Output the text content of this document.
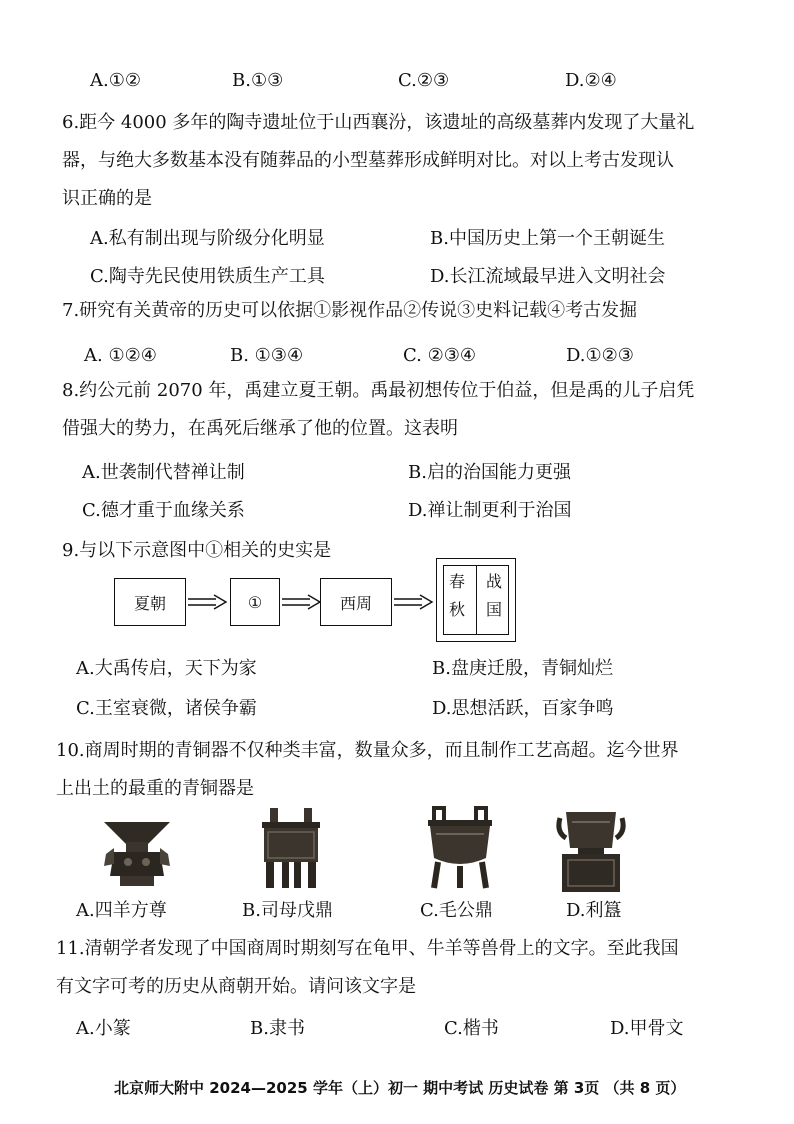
A.①②	B.①③	C.②③	D.②④
6.距今 4000 多年的陶寺遗址位于山西襄汾，该遗址的高级墓葬内发现了大量礼
器，与绝大多数基本没有随葬品的小型墓葬形成鲜明对比。对以上考古发现认
识正确的是
A.私有制出现与阶级分化明显	B.中国历史上第一个王朝诞生
C.陶寺先民使用铁质生产工具	D.长江流域最早进入文明社会
7.研究有关黄帝的历史可以依据①影视作品②传说③史料记载④考古发掘
A. ①②④	B. ①③④	C. ②③④	D.①②③
8.约公元前 2070 年，禹建立夏王朝。禹最初想传位于伯益，但是禹的儿子启凭
借强大的势力，在禹死后继承了他的位置。这表明
A.世袭制代替禅让制	B.启的治国能力更强
C.德才重于血缘关系	D.禅让制更利于治国
9.与以下示意图中①相关的史实是
夏朝	①	西周
春
秋
战
国
A.大禹传启，天下为家	B.盘庚迁殷，青铜灿烂
C.王室衰微，诸侯争霸	D.思想活跃，百家争鸣
10.商周时期的青铜器不仅种类丰富，数量众多，而且制作工艺高超。迄今世界
上出土的最重的青铜器是
A.四羊方尊	B.司母戊鼎	C.毛公鼎	D.利簋
11.清朝学者发现了中国商周时期刻写在龟甲、牛羊等兽骨上的文字。至此我国
有文字可考的历史从商朝开始。请问该文字是
A.小篆	B.隶书	C.楷书	D.甲骨文
北京师大附中 2024—2025 学年（上）初一 期中考试 历史试卷 第 3页 （共 8 页）
